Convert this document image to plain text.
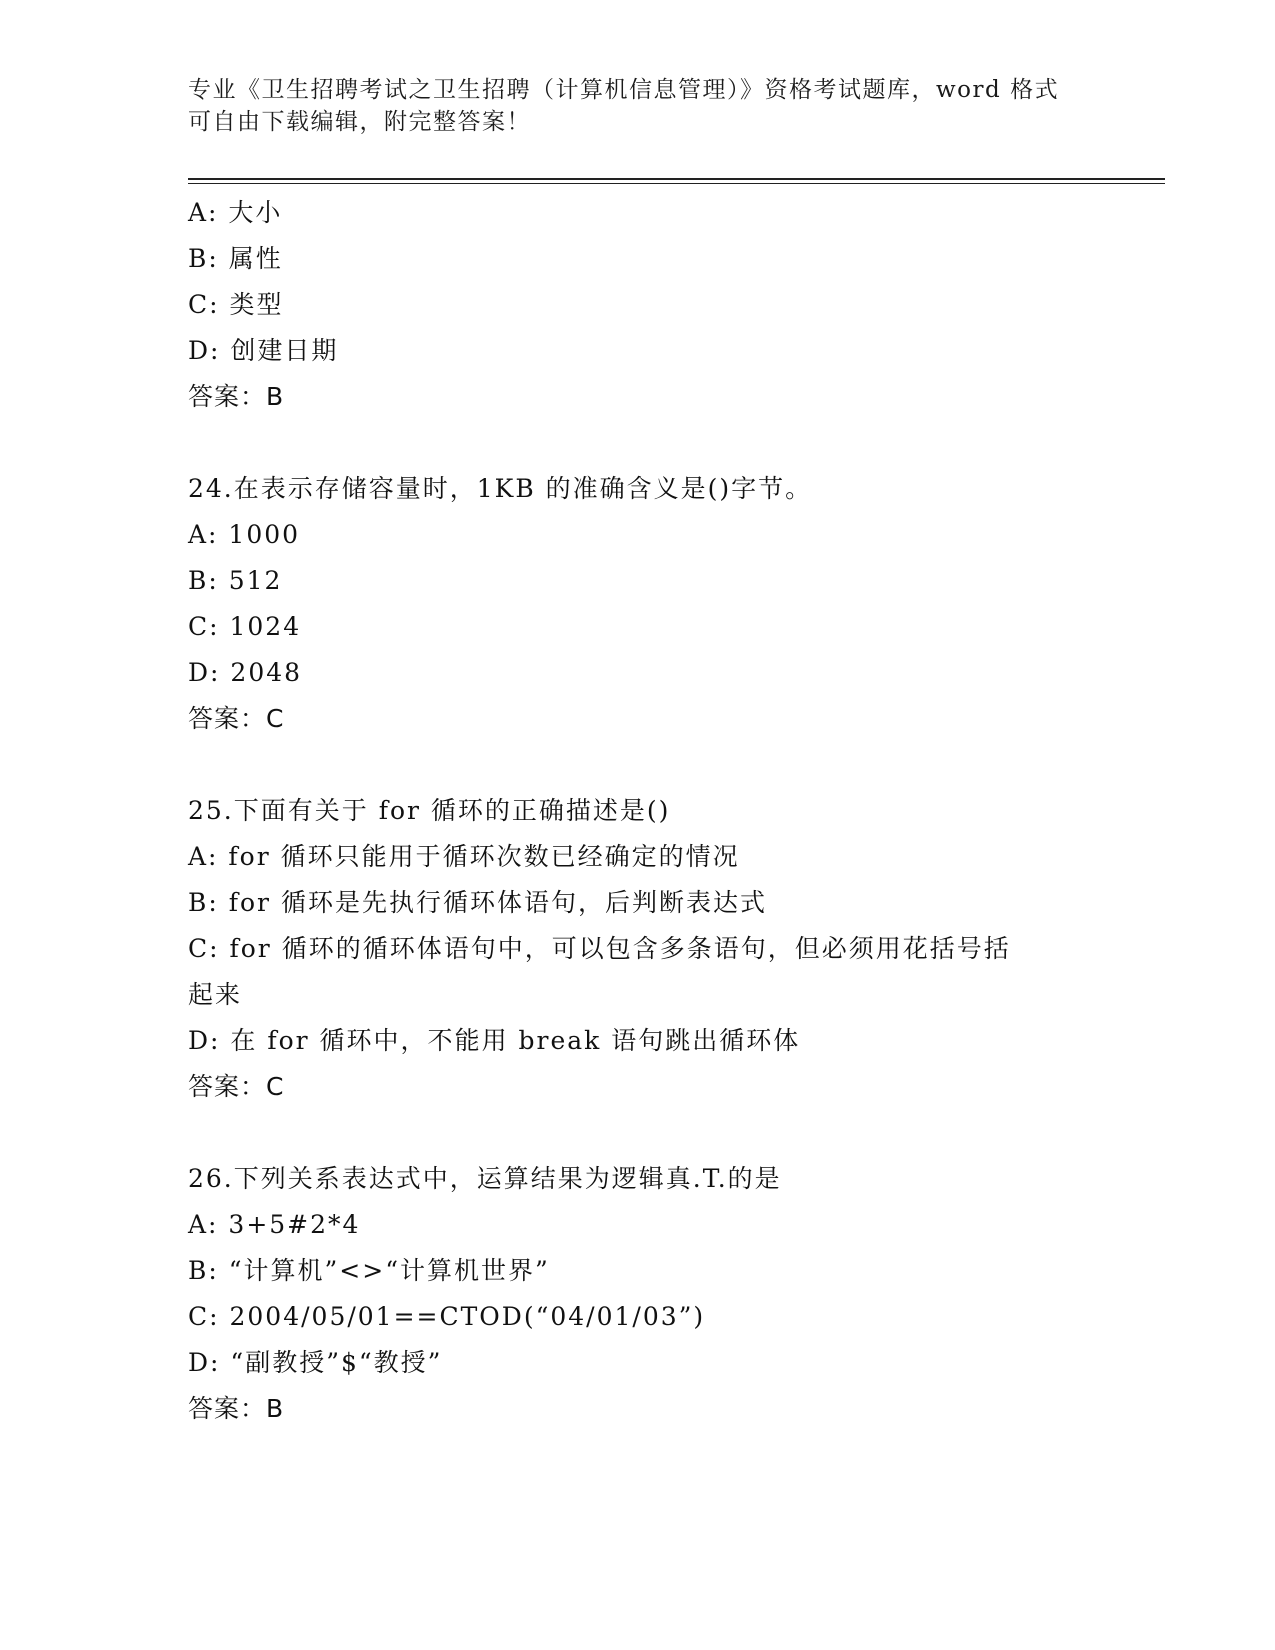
专业《卫生招聘考试之卫生招聘（计算机信息管理）》资格考试题库，word 格式
可自由下载编辑，附完整答案！
A: 大小
B: 属性
C: 类型
D: 创建日期
答案：B
24.在表示存储容量时，1KB 的准确含义是()字节。
A: 1000
B: 512
C: 1024
D: 2048
答案：C
25.下面有关于 for 循环的正确描述是()
A: for 循环只能用于循环次数已经确定的情况
B: for 循环是先执行循环体语句，后判断表达式
C: for 循环的循环体语句中，可以包含多条语句，但必须用花括号括
起来
D: 在 for 循环中，不能用 break 语句跳出循环体
答案：C
26.下列关系表达式中，运算结果为逻辑真.T.的是
A: 3+5#2*4
B: “计算机”<>“计算机世界”
C: 2004/05/01==CTOD(“04/01/03”)
D: “副教授”$“教授”
答案：B
